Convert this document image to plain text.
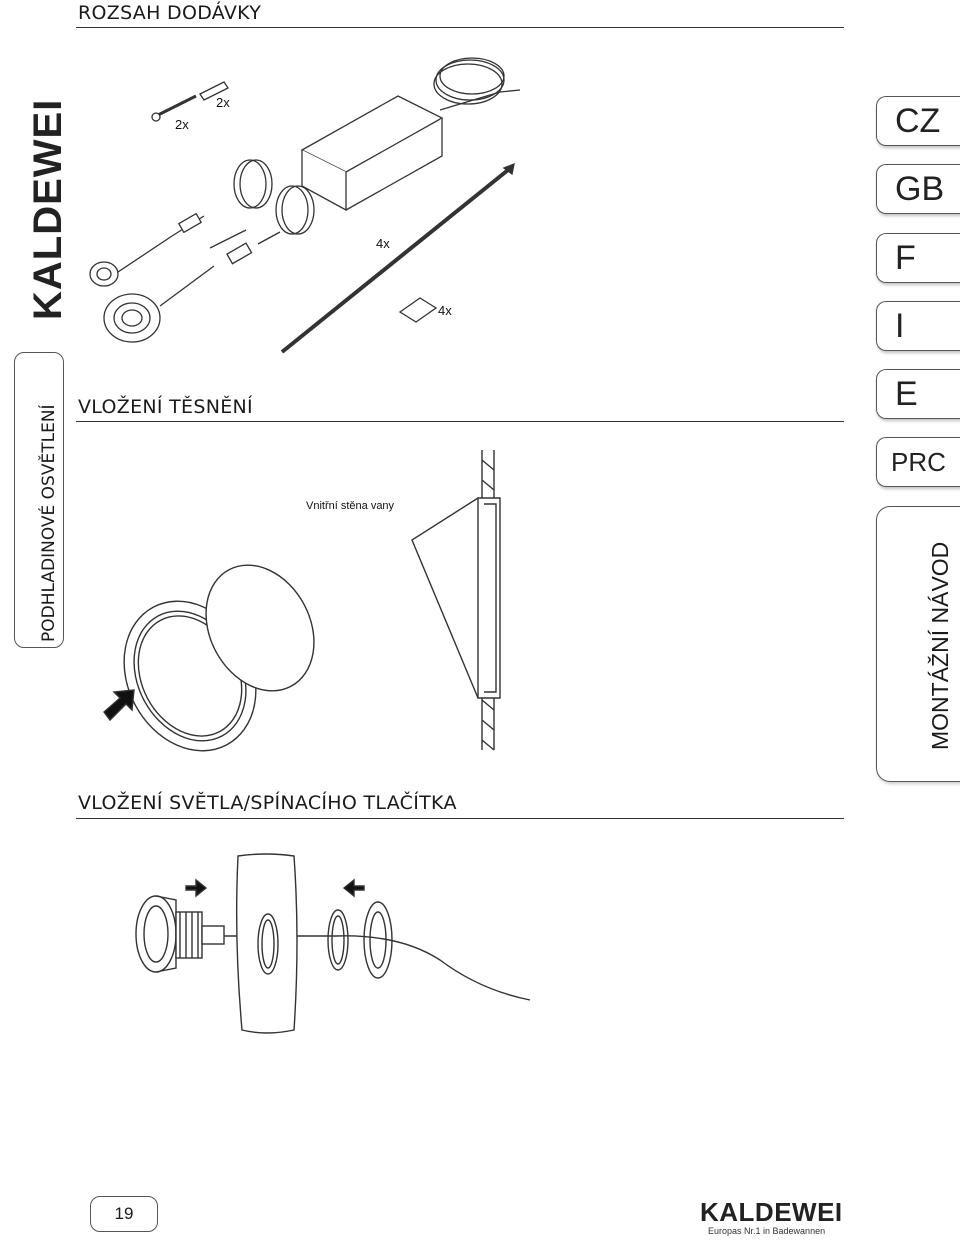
ROZSAH DODÁVKY
KALDEWEI
PODHLADINOVÉ OSVĚTLENÍ
CZ
GB
F
I
E
PRC
MONTÁŽNÍ NÁVOD
2x
2x
4x
4x
VLOŽENÍ TĚSNĚNÍ
Vnitřní stěna vany
VLOŽENÍ SVĚTLA/SPÍNACÍHO TLAČÍTKA
19	KALDEWEI
Europas Nr.1 in Badewannen
